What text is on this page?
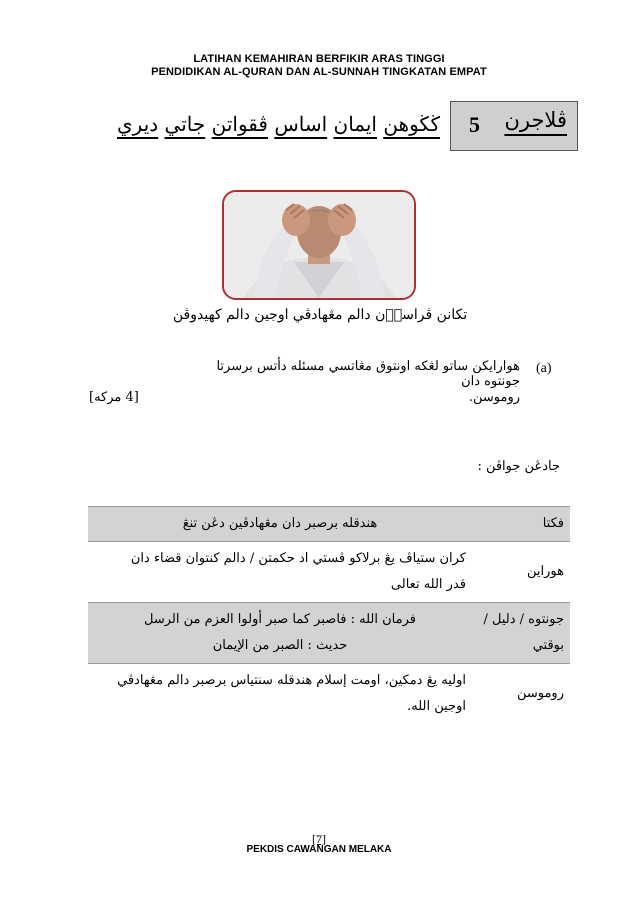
LATIHAN KEMAHIRAN BERFIKIR ARAS TINGGI
PENDIDIKAN AL-QURAN DAN AL-SUNNAH TINGKATAN EMPAT
ڬڬوهن ايمان اساس ڤقواتن جاتي ديري	ڤلاجرن
5
تكانن ڤراسا٘ن دالم مڠهادڤي اوجين دالم كهيدوڤن
(a)
هوارايكن ساتو لڠكه اونتوق مڠاتسي مسئله دأتس برسرتا جونتوه دان
روموسن.
[4 مركه]
جادڠن جواڤن :
فكتا	هندقله برصبر دان مڠهادڤين دڠن تنڠ
هوراين	كران ستياڤ يڠ برلاكو ڤستي اد حكمتن / دالم كنتوان قضاء دان
قدر الله تعالى

جونتوه / دليل / بوقتي	فرمان الله : فاصبر كما صبر أولوا العزم من الرسل
حديث : الصبر من الإيمان

روموسن	اوليه يڠ دمكين، اومت إسلام هندقله سنتياس برصبر دالم مڠهادڤي
اوجين الله.
[7]
PEKDIS CAWANGAN MELAKA
